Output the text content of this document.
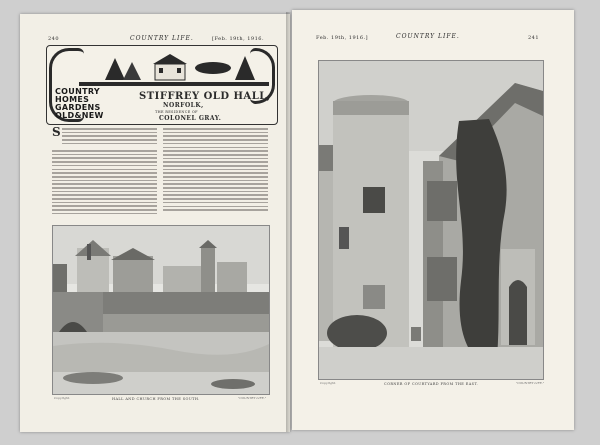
240	COUNTRY LIFE.	[Feb. 19th, 1916.
COUNTRY
HOMES
GARDENS
OLD&NEW
STIFFREY OLD HALL,
NORFOLK,
THE RESIDENCE OF
COLONEL GRAY.
S
Copyright.	HALL AND CHURCH FROM THE SOUTH.	"COUNTRY LIFE."
Feb. 19th, 1916.]	COUNTRY LIFE.	241
Copyright.	CORNER OF COURTYARD FROM THE EAST.	"COUNTRY LIFE."
